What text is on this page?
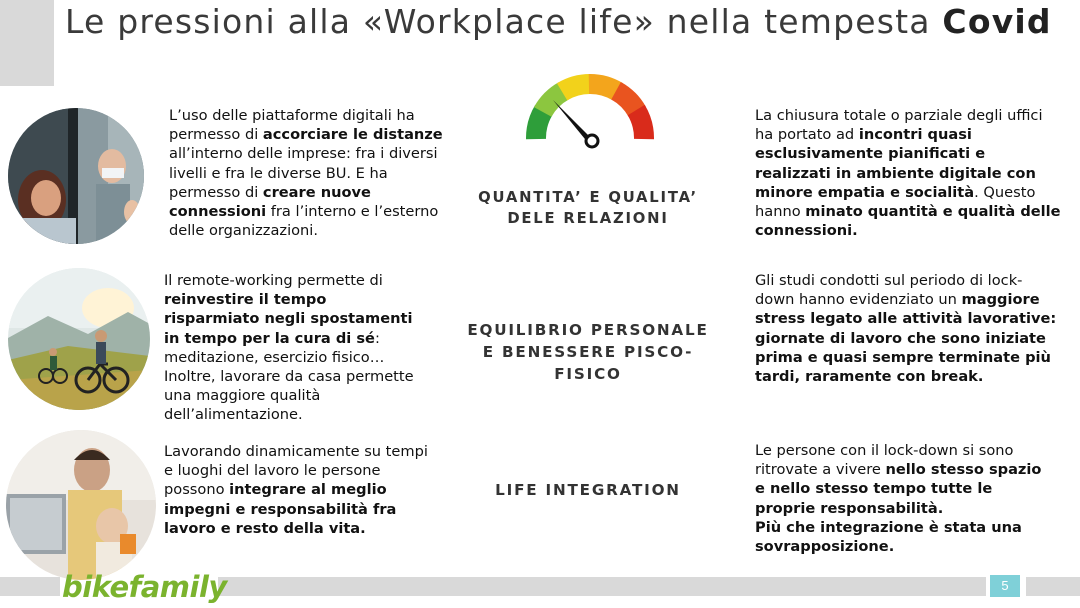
Le pressioni alla «Workplace life» nella tempesta Covid
L’uso delle piattaforme digitali ha permesso di accorciare le distanze all’interno delle imprese: fra i diversi livelli e fra le diverse BU. E ha permesso di creare nuove connessioni fra l’interno e l’esterno delle organizzazioni.
QUANTITA’ E QUALITA’
DELE RELAZIONI
La chiusura totale o parziale degli uffici ha portato ad incontri quasi esclusivamente pianificati e realizzati in ambiente digitale con minore empatia e socialità. Questo hanno minato quantità e qualità delle connessioni.
Il remote-working permette di reinvestire il tempo risparmiato negli spostamenti in tempo per la cura di sé: meditazione, esercizio fisico… Inoltre, lavorare da casa permette una maggiore qualità dell’alimentazione.
EQUILIBRIO PERSONALE
E BENESSERE PISCO-FISICO
Gli studi condotti sul periodo di lock-down hanno evidenziato un maggiore stress legato alle attività lavorative: giornate di lavoro che sono iniziate prima e quasi sempre terminate più tardi, raramente con break.
Lavorando dinamicamente su tempi e luoghi del lavoro le persone possono integrare al meglio impegni e responsabilità fra lavoro e resto della vita.
LIFE INTEGRATION
Le persone con il lock-down si sono ritrovate a vivere nello stesso spazio e nello stesso tempo tutte le proprie responsabilità.
Più che integrazione è stata una sovrapposizione.
bikefamily	5
